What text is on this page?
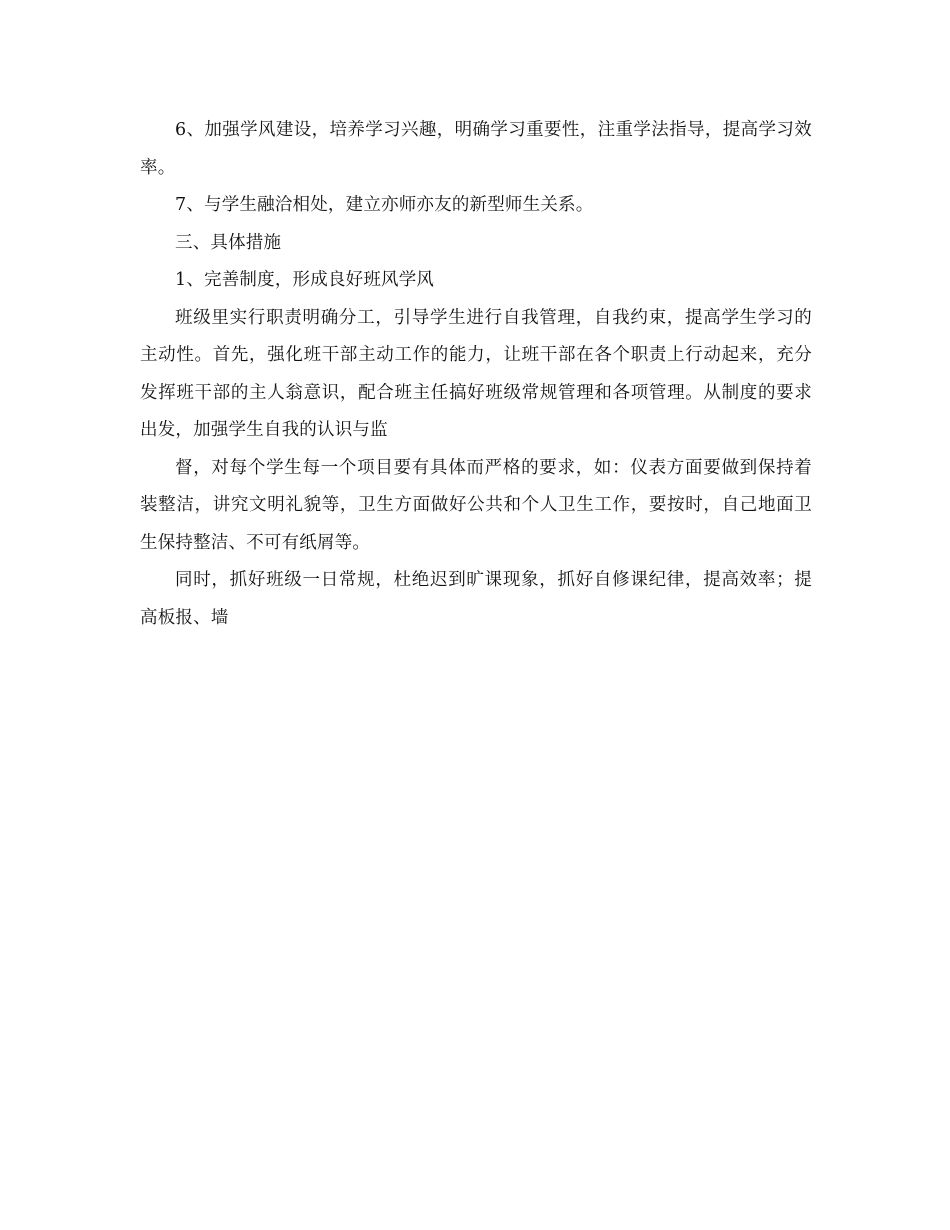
6、加强学风建设，培养学习兴趣，明确学习重要性，注重学法指导，提高学习效率。

7、与学生融洽相处，建立亦师亦友的新型师生关系。

三、具体措施

1、完善制度，形成良好班风学风

班级里实行职责明确分工，引导学生进行自我管理，自我约束，提高学生学习的主动性。首先，强化班干部主动工作的能力，让班干部在各个职责上行动起来，充分发挥班干部的主人翁意识，配合班主任搞好班级常规管理和各项管理。从制度的要求出发，加强学生自我的认识与监

督，对每个学生每一个项目要有具体而严格的要求，如：仪表方面要做到保持着装整洁，讲究文明礼貌等，卫生方面做好公共和个人卫生工作，要按时，自己地面卫生保持整洁、不可有纸屑等。

同时，抓好班级一日常规，杜绝迟到旷课现象，抓好自修课纪律，提高效率；提高板报、墙
